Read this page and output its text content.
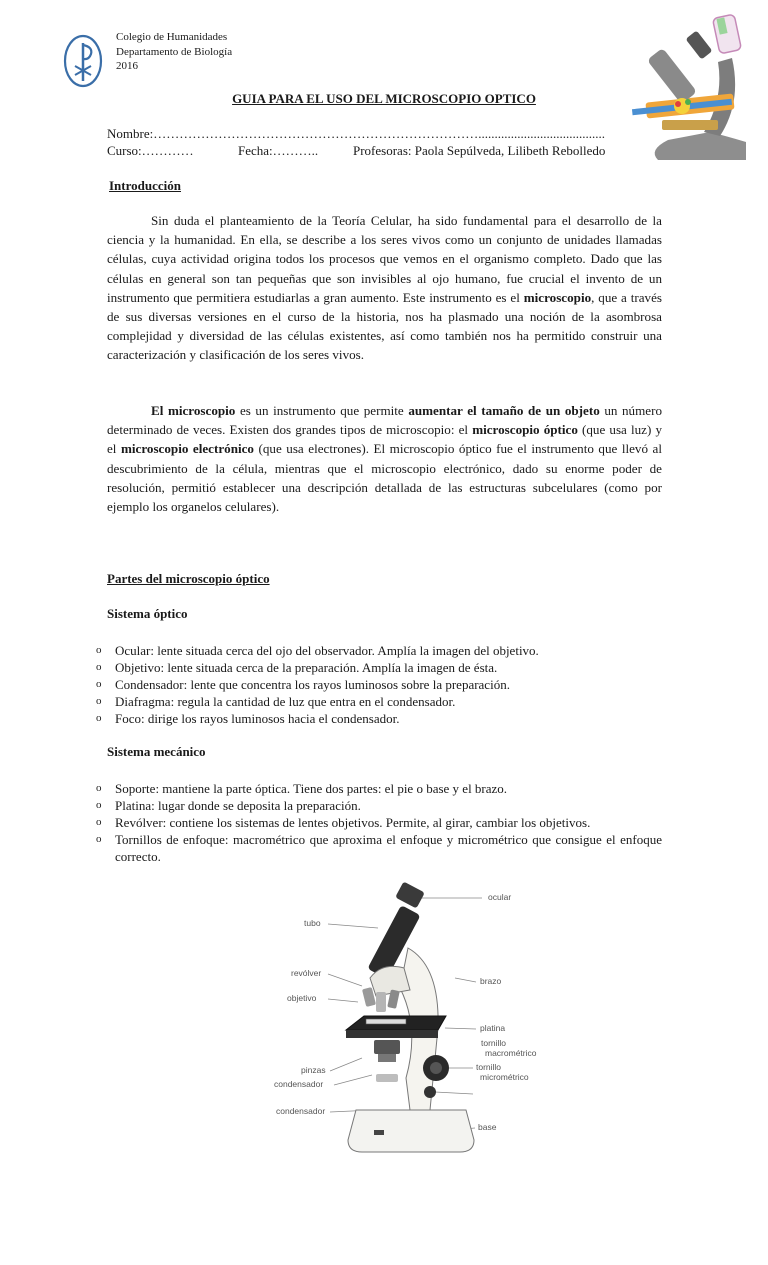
Colegio de Humanidades
Departamento de Biología
2016
GUIA PARA EL USO DEL MICROSCOPIO OPTICO
Nombre:………………………………………………………………….......................................
Curso:…………	Fecha:………..	Profesoras: Paola Sepúlveda, Lilibeth Rebolledo
Introducción
Sin duda el planteamiento de la Teoría Celular, ha sido fundamental para el desarrollo de la ciencia y la humanidad. En ella, se describe a los seres vivos como un conjunto de unidades llamadas células, cuya actividad origina todos los procesos que vemos en el organismo completo. Dado que las células en general son tan pequeñas que son invisibles al ojo humano, fue crucial el invento de un instrumento que permitiera estudiarlas a gran aumento. Este instrumento es el microscopio, que a través de sus diversas versiones en el curso de la historia, nos ha plasmado una noción de la asombrosa complejidad y diversidad de las células existentes, así como también nos ha permitido construir una caracterización y clasificación de los seres vivos.
El microscopio es un instrumento que permite aumentar el tamaño de un objeto un número determinado de veces. Existen dos grandes tipos de microscopio: el microscopio óptico (que usa luz) y el microscopio electrónico (que usa electrones). El microscopio óptico fue el instrumento que llevó al descubrimiento de la célula, mientras que el microscopio electrónico, dado su enorme poder de resolución, permitió establecer una descripción detallada de las estructuras subcelulares (como por ejemplo los organelos celulares).
Partes del microscopio óptico
Sistema óptico
o Ocular: lente situada cerca del ojo del observador. Amplía la imagen del objetivo.
o Objetivo: lente situada cerca de la preparación. Amplía la imagen de ésta.
o Condensador: lente que concentra los rayos luminosos sobre la preparación.
o Diafragma: regula la cantidad de luz que entra en el condensador.
o Foco: dirige los rayos luminosos hacia el condensador.
Sistema mecánico
o Soporte: mantiene la parte óptica. Tiene dos partes: el pie o base y el brazo.
o Platina: lugar donde se deposita la preparación.
o Revólver: contiene los sistemas de lentes objetivos. Permite, al girar, cambiar los objetivos.
o Tornillos de enfoque: macrométrico que aproxima el enfoque y micrométrico que consigue el enfoque correcto.
ocular
tubo
revólver
brazo
objetivo
platina
tornillo
macrométrico
pinzas
condensador
tornillo
micrométrico
condensador
base
